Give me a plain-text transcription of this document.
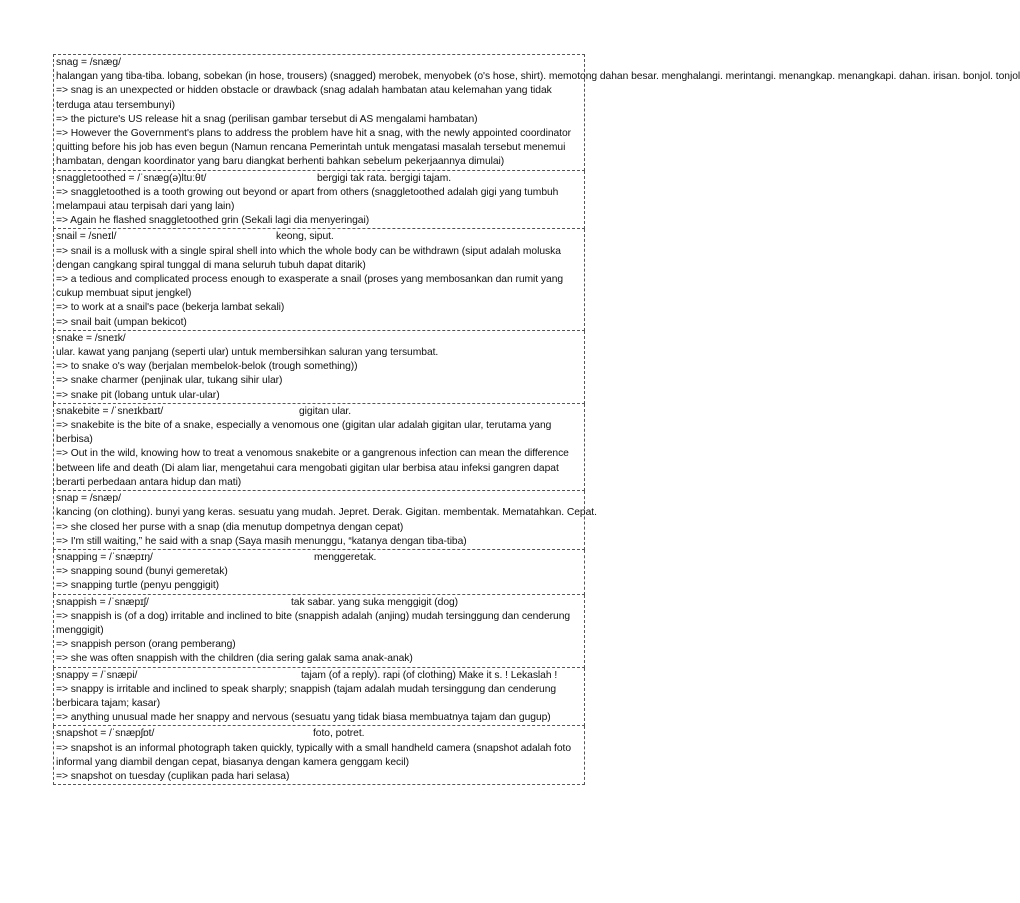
snag = /snæg/halangan yang tiba-tiba. lobang, sobekan (in hose, trousers) (snagged) merobek, menyobek (o's hose, shirt). memotong dahan besar. menghalangi. merintangi. menangkap. menangkapi. dahan. irisan. bonjol. tonjol
=> snag is an unexpected or hidden obstacle or drawback (snag adalah hambatan atau kelemahan yang tidak terduga atau tersembunyi)
=> the picture's US release hit a snag (perilisan gambar tersebut di AS mengalami hambatan)
=> However the Government's plans to address the problem have hit a snag, with the newly appointed coordinator quitting before his job has even begun (Namun rencana Pemerintah untuk mengatasi masalah tersebut menemui hambatan, dengan koordinator yang baru diangkat berhenti bahkan sebelum pekerjaannya dimulai)
snaggletoothed = /ˈsnæg(ə)ltuːθt/	bergigi tak rata. bergigi tajam.
=> snaggletoothed is a tooth growing out beyond or apart from others (snaggletoothed adalah gigi yang tumbuh melampaui atau terpisah dari yang lain)
=> Again he flashed snaggletoothed grin (Sekali lagi dia menyeringai)
snail = /sneɪl/	keong, siput.
=> snail is a mollusk with a single spiral shell into which the whole body can be withdrawn (siput adalah moluska dengan cangkang spiral tunggal di mana seluruh tubuh dapat ditarik)
=> a tedious and complicated process enough to exasperate a snail (proses yang membosankan dan rumit yang cukup membuat siput jengkel)
=> to work at a snail's pace (bekerja lambat sekali)
=> snail bait (umpan bekicot)
snake = /sneɪk/ular. kawat yang panjang (seperti ular) untuk membersihkan saluran yang tersumbat.
=> to snake o's way (berjalan membelok-belok (trough something))
=> snake charmer (penjinak ular, tukang sihir ular)
=> snake pit (lobang untuk ular-ular)
snakebite = /ˈsneɪkbaɪt/	gigitan ular.
=> snakebite is the bite of a snake, especially a venomous one (gigitan ular adalah gigitan ular, terutama yang berbisa)
=> Out in the wild, knowing how to treat a venomous snakebite or a gangrenous infection can mean the difference between life and death (Di alam liar, mengetahui cara mengobati gigitan ular berbisa atau infeksi gangren dapat berarti perbedaan antara hidup dan mati)
snap = /snæp/kancing (on clothing). bunyi yang keras. sesuatu yang mudah. Jepret. Derak. Gigitan. membentak. Mematahkan. Cepat.
=> she closed her purse with a snap (dia menutup dompetnya dengan cepat)
=> I'm still waiting,” he said with a snap (Saya masih menunggu, “katanya dengan tiba-tiba)
snapping = /ˈsnæpɪŋ/	menggeretak.
=> snapping sound (bunyi gemeretak)
=> snapping turtle (penyu penggigit)
snappish = /ˈsnæpɪʃ/	tak sabar. yang suka menggigit (dog)
=> snappish is (of a dog) irritable and inclined to bite (snappish adalah (anjing) mudah tersinggung dan cenderung menggigit)
=> snappish person (orang pemberang)
=> she was often snappish with the children (dia sering galak sama anak-anak)
snappy = /ˈsnæpi/	tajam (of a reply). rapi (of clothing) Make it s. ! Lekaslah !
=> snappy is irritable and inclined to speak sharply; snappish (tajam adalah mudah tersinggung dan cenderung berbicara tajam; kasar)
=> anything unusual made her snappy and nervous (sesuatu yang tidak biasa membuatnya tajam dan gugup)
snapshot = /ˈsnæpʃɒt/	foto, potret.
=> snapshot is an informal photograph taken quickly, typically with a small handheld camera (snapshot adalah foto informal yang diambil dengan cepat, biasanya dengan kamera genggam kecil)
=> snapshot on tuesday (cuplikan pada hari selasa)
